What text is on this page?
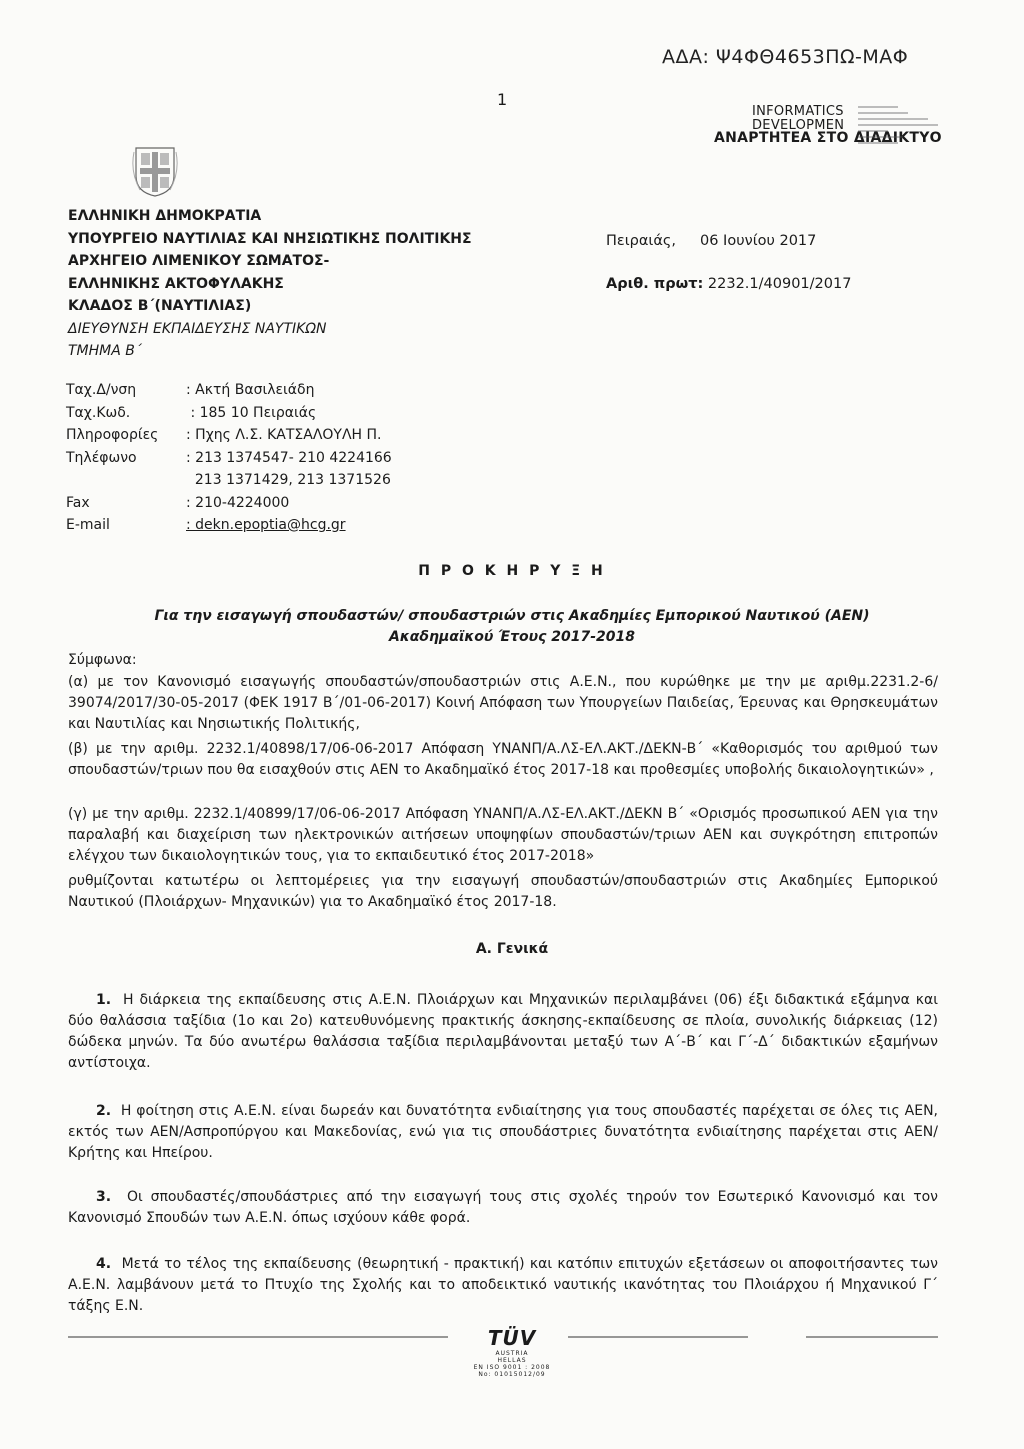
ΑΔΑ: Ψ4ΦΘ4653ΠΩ-ΜΑΦ
1
INFORMATICS
DEVELOPMEN
ΑΝΑΡΤΗΤΕΑ ΣΤΟ ΔΙΑΔΙΚΤΥΟ
ΕΛΛΗΝΙΚΗ ΔΗΜΟΚΡΑΤΙΑ
ΥΠΟΥΡΓΕΙΟ ΝΑΥΤΙΛΙΑΣ ΚΑΙ ΝΗΣΙΩΤΙΚΗΣ ΠΟΛΙΤΙΚΗΣ
ΑΡΧΗΓΕΙΟ ΛΙΜΕΝΙΚΟΥ ΣΩΜΑΤΟΣ-
ΕΛΛΗΝΙΚΗΣ ΑΚΤΟΦΥΛΑΚΗΣ
ΚΛΑΔΟΣ Β΄(ΝΑΥΤΙΛΙΑΣ)
ΔΙΕΥΘΥΝΣΗ ΕΚΠΑΙΔΕΥΣΗΣ ΝΑΥΤΙΚΩΝ
ΤΜΗΜΑ Β΄
Πειραιάς, 06 Ιουνίου 2017
Αριθ. πρωτ: 2232.1/40901/2017
Ταχ.Δ/νση	: Ακτή Βασιλειάδη
Ταχ.Κωδ.	: 185 10 Πειραιάς
Πληροφορίες	: Πχης Λ.Σ. ΚΑΤΣΑΛΟΥΛΗ Π.
Τηλέφωνο	: 213 1374547- 210 4224166
	213 1371429, 213 1371526
Fax	: 210-4224000
E-mail	: dekn.epoptia@hcg.gr
Π Ρ Ο Κ Η Ρ Υ Ξ Η
Για την εισαγωγή σπουδαστών/ σπουδαστριών στις Ακαδημίες Εμπορικού Ναυτικού (ΑΕΝ)
Ακαδημαϊκού Έτους 2017-2018
Σύμφωνα:
(α) με τον Κανονισμό εισαγωγής σπουδαστών/σπουδαστριών στις Α.Ε.Ν., που κυρώθηκε με την με αριθμ.2231.2-6/ 39074/2017/30-05-2017 (ΦΕΚ 1917 Β΄/01-06-2017) Κοινή Απόφαση των Υπουργείων Παιδείας, Έρευνας και Θρησκευμάτων και Ναυτιλίας και Νησιωτικής Πολιτικής,
(β) με την αριθμ. 2232.1/40898/17/06-06-2017 Απόφαση ΥΝΑΝΠ/Α.ΛΣ-ΕΛ.ΑΚΤ./ΔΕΚΝ-Β΄ «Καθορισμός του αριθμού των σπουδαστών/τριων που θα εισαχθούν στις ΑΕΝ το Ακαδημαϊκό έτος 2017-18 και προθεσμίες υποβολής δικαιολογητικών» ,
(γ) με την αριθμ. 2232.1/40899/17/06-06-2017 Απόφαση ΥΝΑΝΠ/Α.ΛΣ-ΕΛ.ΑΚΤ./ΔΕΚΝ Β΄ «Ορισμός προσωπικού ΑΕΝ για την παραλαβή και διαχείριση των ηλεκτρονικών αιτήσεων υποψηφίων σπουδαστών/τριων ΑΕΝ και συγκρότηση επιτροπών ελέγχου των δικαιολογητικών τους, για το εκπαιδευτικό έτος 2017-2018»
ρυθμίζονται κατωτέρω οι λεπτομέρειες για την εισαγωγή σπουδαστών/σπουδαστριών στις Ακαδημίες Εμπορικού Ναυτικού (Πλοιάρχων- Μηχανικών) για το Ακαδημαϊκό έτος 2017-18.
Α. Γενικά
1. Η διάρκεια της εκπαίδευσης στις Α.Ε.Ν. Πλοιάρχων και Μηχανικών περιλαμβάνει (06) έξι διδακτικά εξάμηνα και δύο θαλάσσια ταξίδια (1ο και 2ο) κατευθυνόμενης πρακτικής άσκησης-εκπαίδευσης σε πλοία, συνολικής διάρκειας (12) δώδεκα μηνών. Τα δύο ανωτέρω θαλάσσια ταξίδια περιλαμβάνονται μεταξύ των Α΄-Β΄ και Γ΄-Δ΄ διδακτικών εξαμήνων αντίστοιχα.
2. Η φοίτηση στις Α.Ε.Ν. είναι δωρεάν και δυνατότητα ενδιαίτησης για τους σπουδαστές παρέχεται σε όλες τις ΑΕΝ, εκτός των ΑΕΝ/Ασπροπύργου και Μακεδονίας, ενώ για τις σπουδάστριες δυνατότητα ενδιαίτησης παρέχεται στις ΑΕΝ/Κρήτης και Ηπείρου.
3. Οι σπουδαστές/σπουδάστριες από την εισαγωγή τους στις σχολές τηρούν τον Εσωτερικό Κανονισμό και τον Κανονισμό Σπουδών των Α.Ε.Ν. όπως ισχύουν κάθε φορά.
4. Μετά το τέλος της εκπαίδευσης (θεωρητική - πρακτική) και κατόπιν επιτυχών εξετάσεων οι αποφοιτήσαντες των Α.Ε.Ν. λαμβάνουν μετά το Πτυχίο της Σχολής και το αποδεικτικό ναυτικής ικανότητας του Πλοιάρχου ή Μηχανικού Γ΄ τάξης Ε.Ν.
TÜV
AUSTRIA
HELLAS
EN ISO 9001 : 2008
No: 01015012/09
